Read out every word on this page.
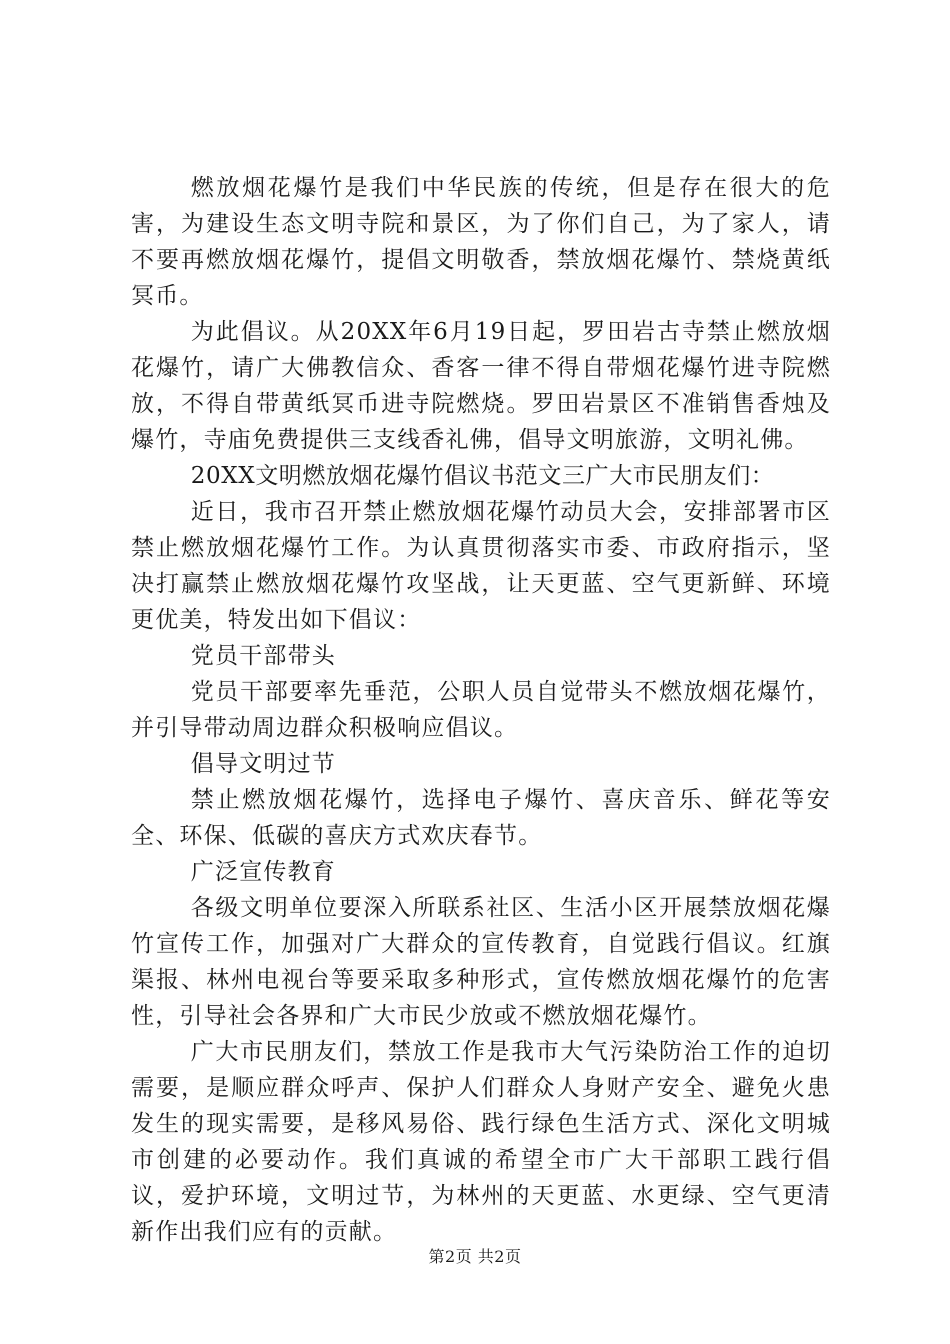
燃放烟花爆竹是我们中华民族的传统，但是存在很大的危害，为建设生态文明寺院和景区，为了你们自己，为了家人，请不要再燃放烟花爆竹，提倡文明敬香，禁放烟花爆竹、禁烧黄纸冥币。

为此倡议。从20XX年6月19日起，罗田岩古寺禁止燃放烟花爆竹，请广大佛教信众、香客一律不得自带烟花爆竹进寺院燃放，不得自带黄纸冥币进寺院燃烧。罗田岩景区不准销售香烛及爆竹，寺庙免费提供三支线香礼佛，倡导文明旅游，文明礼佛。

20XX文明燃放烟花爆竹倡议书范文三广大市民朋友们：

近日，我市召开禁止燃放烟花爆竹动员大会，安排部署市区禁止燃放烟花爆竹工作。为认真贯彻落实市委、市政府指示，坚决打赢禁止燃放烟花爆竹攻坚战，让天更蓝、空气更新鲜、环境更优美，特发出如下倡议：

党员干部带头

党员干部要率先垂范，公职人员自觉带头不燃放烟花爆竹，并引导带动周边群众积极响应倡议。

倡导文明过节

禁止燃放烟花爆竹，选择电子爆竹、喜庆音乐、鲜花等安全、环保、低碳的喜庆方式欢庆春节。

广泛宣传教育

各级文明单位要深入所联系社区、生活小区开展禁放烟花爆竹宣传工作，加强对广大群众的宣传教育，自觉践行倡议。红旗渠报、林州电视台等要采取多种形式，宣传燃放烟花爆竹的危害性，引导社会各界和广大市民少放或不燃放烟花爆竹。

广大市民朋友们，禁放工作是我市大气污染防治工作的迫切需要，是顺应群众呼声、保护人们群众人身财产安全、避免火患发生的现实需要，是移风易俗、践行绿色生活方式、深化文明城市创建的必要动作。我们真诚的希望全市广大干部职工践行倡议，爱护环境，文明过节，为林州的天更蓝、水更绿、空气更清新作出我们应有的贡献。

第2页 共2页
